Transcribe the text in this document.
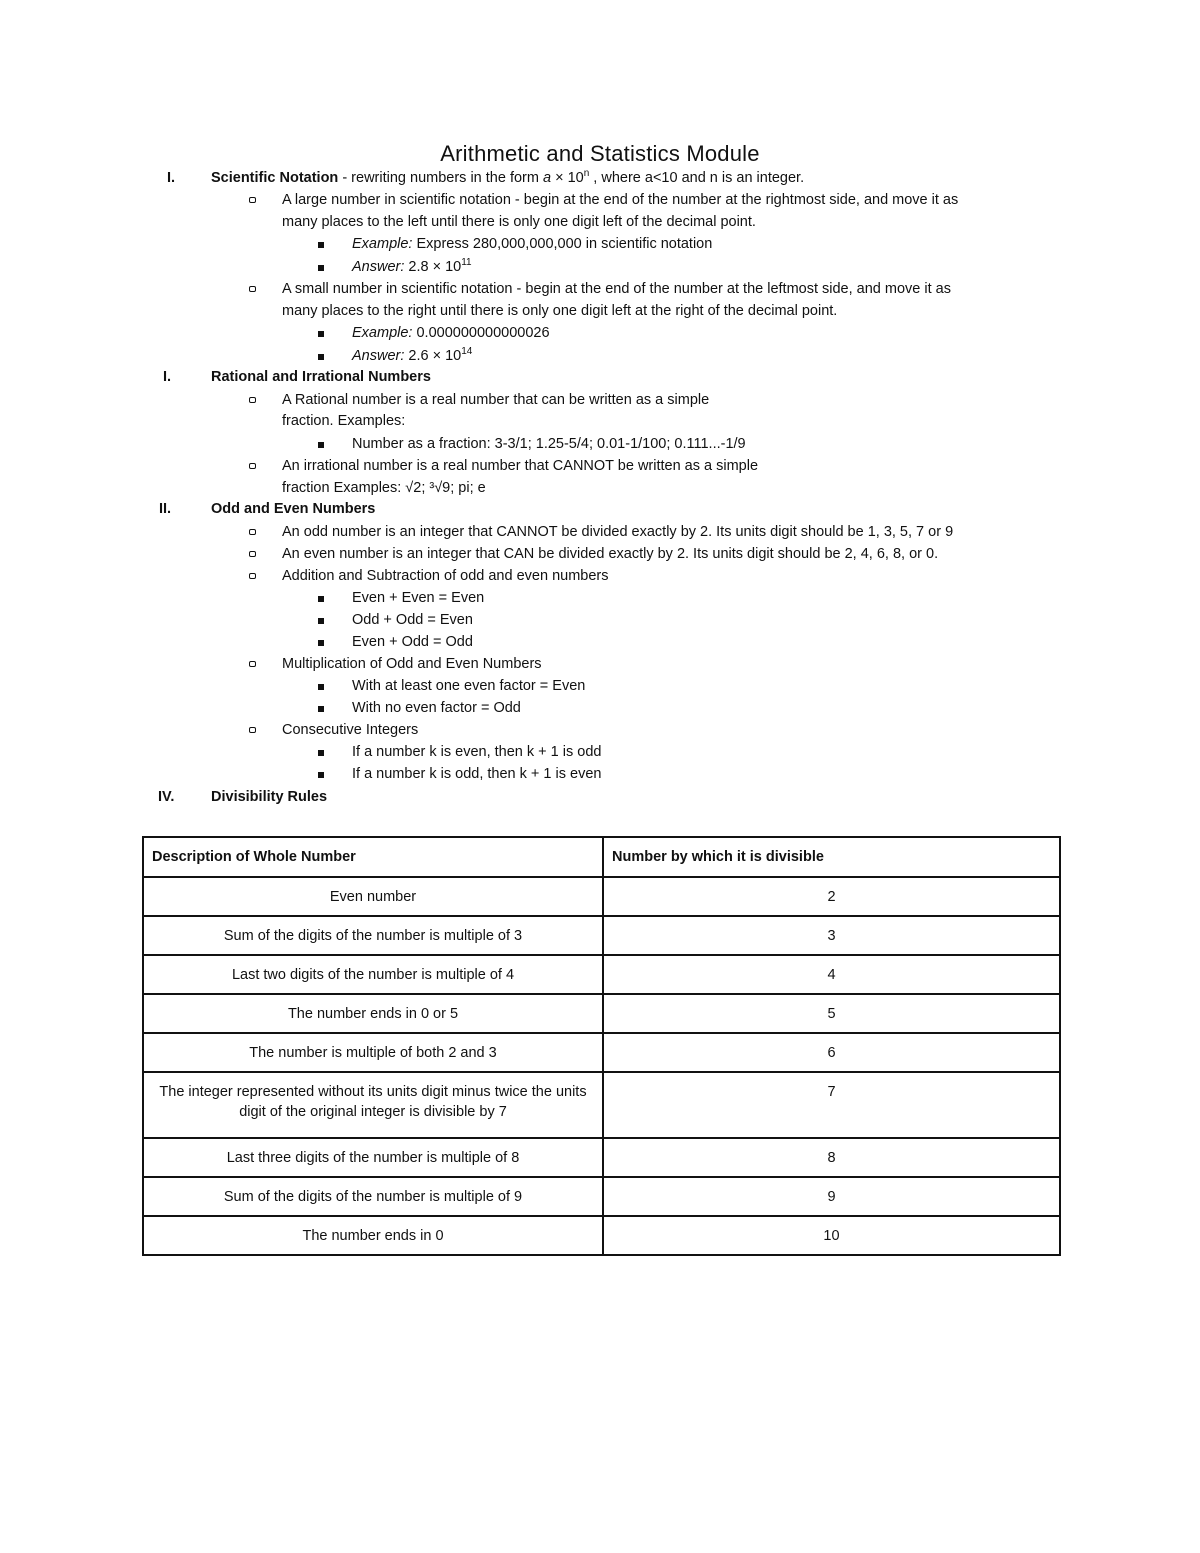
Arithmetic and Statistics Module
I. Scientific Notation - rewriting numbers in the form $a \times 10^n$ , where a<10 and n is an integer.
A large number in scientific notation - begin at the end of the number at the rightmost side, and move it as
many places to the left until there is only one digit left of the decimal point.
Example: Express 280,000,000,000 in scientific notation
Answer: $2.8 \times 10^{11}$
A small number in scientific notation - begin at the end of the number at the leftmost side, and move it as
many places to the right until there is only one digit left at the right of the decimal point.
Example: 0.000000000000026
Answer: $2.6 \times 10^{14}$
I.	Rational and Irrational Numbers
A Rational number is a real number that can be written as a simple
fraction. Examples:
Number as a fraction: 3-3/1; 1.25-5/4; 0.01-1/100; 0.111...-1/9
An irrational number is a real number that CANNOT be written as a simple
fraction Examples: √2; ³√9; pi; e
II.	Odd and Even Numbers
An odd number is an integer that CANNOT be divided exactly by 2. Its units digit should be 1, 3, 5, 7 or 9
An even number is an integer that CAN be divided exactly by 2. Its units digit should be 2, 4, 6, 8, or 0.
Addition and Subtraction of odd and even numbers
Even + Even = Even
Odd + Odd = Even
Even + Odd = Odd
Multiplication of Odd and Even Numbers
With at least one even factor = Even
With no even factor = Odd
Consecutive Integers
If a number k is even, then k + 1 is odd
If a number k is odd, then k + 1 is even
IV.	Divisibility Rules
Description of Whole Number	Number by which it is divisible
Even number	2
Sum of the digits of the number is multiple of 3	3
Last two digits of the number is multiple of 4	4
The number ends in 0 or 5	5
The number is multiple of both 2 and 3	6
The integer represented without its units digit minus twice the units digit of the original integer is divisible by 7	7
Last three digits of the number is multiple of 8	8
Sum of the digits of the number is multiple of 9	9
The number ends in 0	10
